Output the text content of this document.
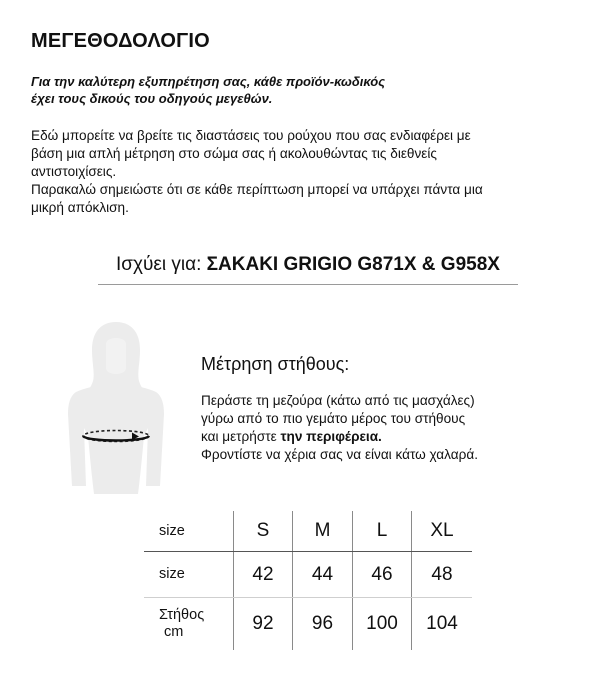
ΜΕΓΕΘΟΔΟΛΟΓΙΟ
Για την καλύτερη εξυπηρέτηση σας, κάθε προϊόν-κωδικός
έχει τους δικούς του οδηγούς μεγεθών.

Εδώ μπορείτε να βρείτε τις διαστάσεις του ρούχου που σας ενδιαφέρει με

βάση μια απλή μέτρηση στο σώμα σας ή ακολουθώντας τις διεθνείς

αντιστοιχίσεις.

Παρακαλώ σημειώστε ότι σε κάθε περίπτωση μπορεί να υπάρχει πάντα μια

μικρή απόκλιση.

Ισχύει για: ΣΑΚΑΚΙ GRIGIO G871X & G958X
Μέτρηση στήθους:
Περάστε τη μεζούρα (κάτω από τις μασχάλες)
γύρω από το πιο γεμάτο μέρος του στήθους
και μετρήστε την περιφέρεια.
Φροντίστε να χέρια σας να είναι κάτω χαλαρά.
size	S	M	L	XL
size	42	44	46	48
Στήθος
cm	92	96	100	104
